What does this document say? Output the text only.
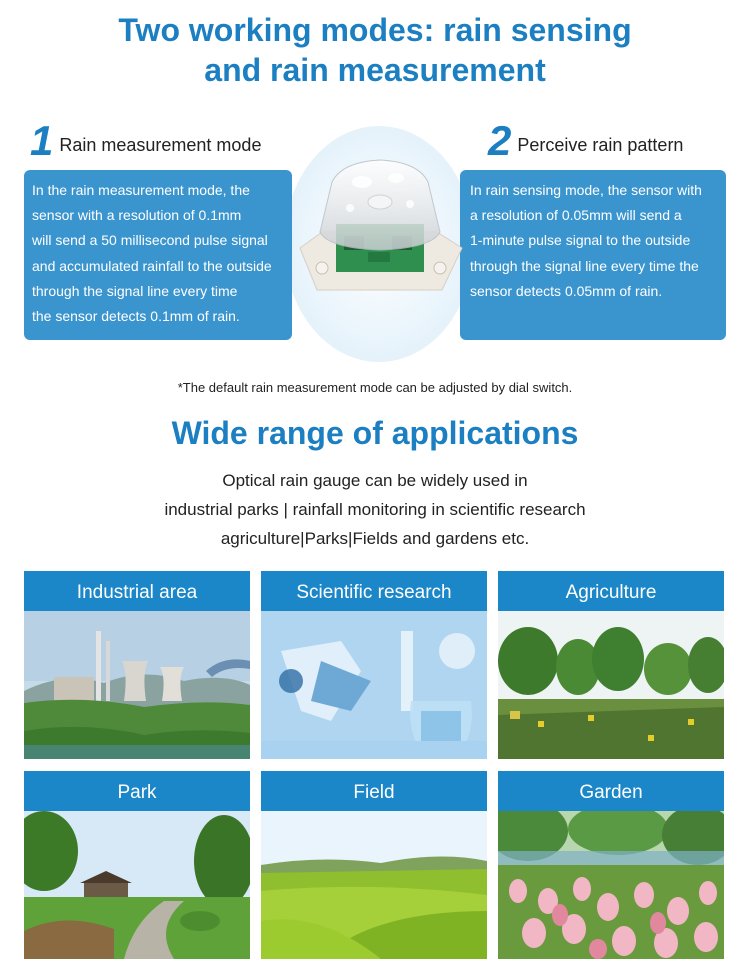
Two working modes: rain sensing
and rain measurement
1 Rain measurement mode	2 Perceive rain pattern
In the rain measurement mode, the
sensor with a resolution of 0.1mm
will send a 50 millisecond pulse signal
and accumulated rainfall to the outside
through the signal line every time
the sensor detects 0.1mm of rain.
In rain sensing mode, the sensor with
a resolution of 0.05mm will send a
1-minute pulse signal to the outside
through the signal line every time the
sensor detects 0.05mm of rain.
*The default rain measurement mode can be adjusted by dial switch.
Wide range of applications
Optical rain gauge can be widely used in
industrial parks | rainfall monitoring in scientific research
agriculture|Parks|Fields and gardens etc.
Industrial area	Scientific research	Agriculture
Park	Field	Garden
